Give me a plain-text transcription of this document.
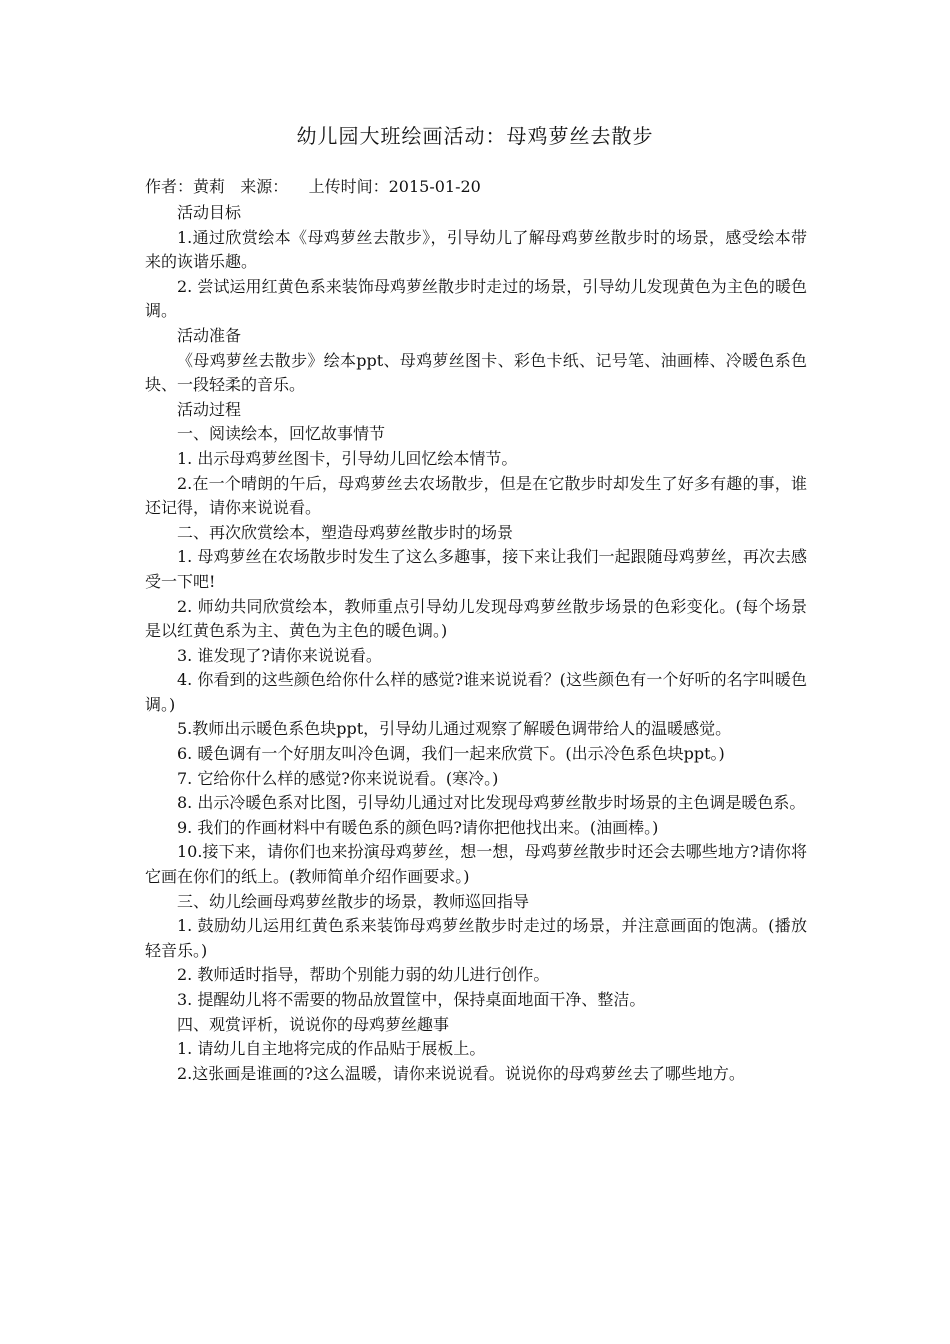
幼儿园大班绘画活动：母鸡萝丝去散步
作者：黄莉   来源：    上传时间：2015-01-20

活动目标

1.通过欣赏绘本《母鸡萝丝去散步》，引导幼儿了解母鸡萝丝散步时的场景，感受绘本带来的诙谐乐趣。

2. 尝试运用红黄色系来装饰母鸡萝丝散步时走过的场景，引导幼儿发现黄色为主色的暖色调。

活动准备

《母鸡萝丝去散步》绘本ppt、母鸡萝丝图卡、彩色卡纸、记号笔、油画棒、冷暖色系色块、一段轻柔的音乐。

活动过程

一、阅读绘本，回忆故事情节

1. 出示母鸡萝丝图卡，引导幼儿回忆绘本情节。

2.在一个晴朗的午后，母鸡萝丝去农场散步，但是在它散步时却发生了好多有趣的事，谁还记得，请你来说说看。

二、再次欣赏绘本，塑造母鸡萝丝散步时的场景

1. 母鸡萝丝在农场散步时发生了这么多趣事，接下来让我们一起跟随母鸡萝丝，再次去感受一下吧!

2. 师幼共同欣赏绘本，教师重点引导幼儿发现母鸡萝丝散步场景的色彩变化。(每个场景是以红黄色系为主、黄色为主色的暖色调。)

3. 谁发现了?请你来说说看。

4. 你看到的这些颜色给你什么样的感觉?谁来说说看？(这些颜色有一个好听的名字叫暖色调。)

5.教师出示暖色系色块ppt，引导幼儿通过观察了解暖色调带给人的温暖感觉。

6. 暖色调有一个好朋友叫冷色调，我们一起来欣赏下。(出示冷色系色块ppt。)

7. 它给你什么样的感觉?你来说说看。(寒冷。)

8. 出示冷暖色系对比图，引导幼儿通过对比发现母鸡萝丝散步时场景的主色调是暖色系。

9. 我们的作画材料中有暖色系的颜色吗?请你把他找出来。(油画棒。)

10.接下来，请你们也来扮演母鸡萝丝，想一想，母鸡萝丝散步时还会去哪些地方?请你将它画在你们的纸上。(教师简单介绍作画要求。)

三、幼儿绘画母鸡萝丝散步的场景，教师巡回指导

1. 鼓励幼儿运用红黄色系来装饰母鸡萝丝散步时走过的场景，并注意画面的饱满。(播放轻音乐。)

2. 教师适时指导，帮助个别能力弱的幼儿进行创作。

3. 提醒幼儿将不需要的物品放置筐中，保持桌面地面干净、整洁。

四、观赏评析，说说你的母鸡萝丝趣事

1. 请幼儿自主地将完成的作品贴于展板上。

2.这张画是谁画的?这么温暖，请你来说说看。说说你的母鸡萝丝去了哪些地方。
